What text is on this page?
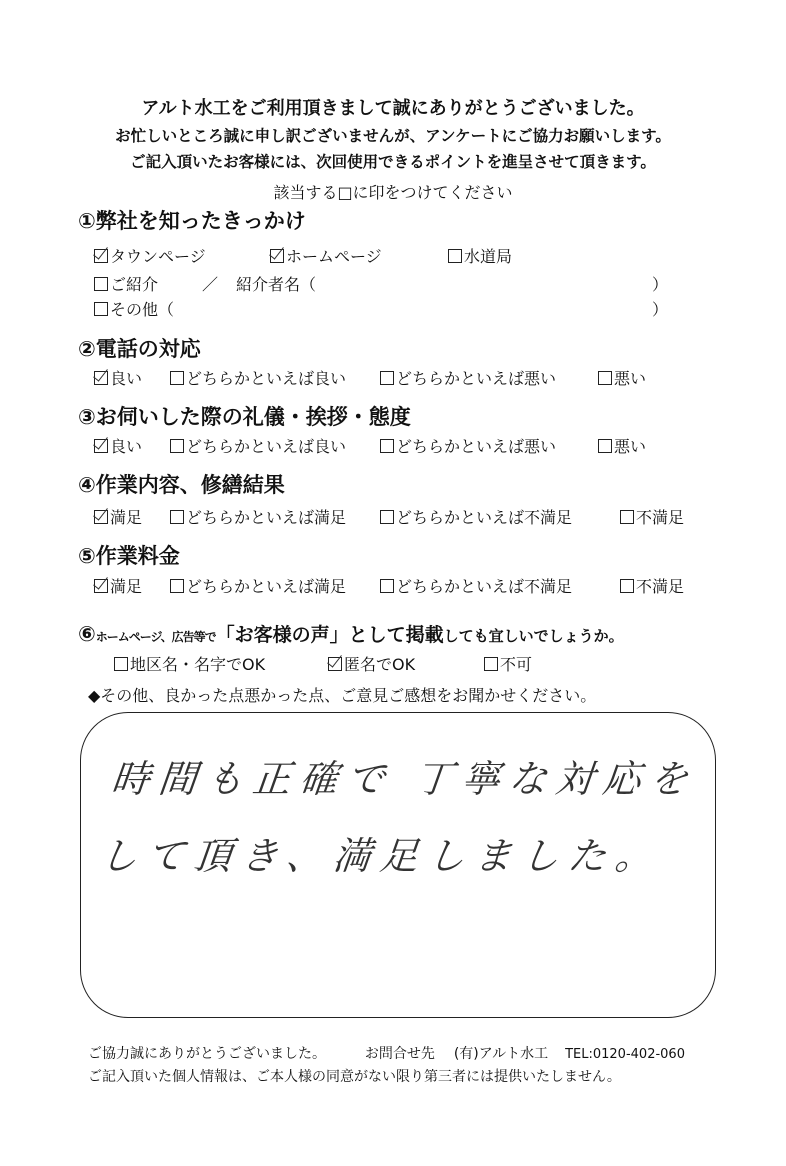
アルト水工をご利用頂きまして誠にありがとうございました。
お忙しいところ誠に申し訳ございませんが、アンケートにご協力お願いします。
ご記入頂いたお客様には、次回使用できるポイントを進呈させて頂きます。
該当する□に印をつけてください
①弊社を知ったきっかけ
タウンページ	ホームページ	水道局
ご紹介	／ 紹介者名（	）
その他（	）
②電話の対応
良い	どちらかといえば良い	どちらかといえば悪い	悪い
③お伺いした際の礼儀・挨拶・態度
良い	どちらかといえば良い	どちらかといえば悪い	悪い
④作業内容、修繕結果
満足	どちらかといえば満足	どちらかといえば不満足	不満足
⑤作業料金
満足	どちらかといえば満足	どちらかといえば不満足	不満足
⑥ホームページ、広告等で「お客様の声」として掲載しても宜しいでしょうか。
地区名・名字でOK	匿名でOK	不可
◆その他、良かった点悪かった点、ご意見ご感想をお聞かせください。
時間も正確で 丁寧な対応を
して頂き、満足しました。
ご協力誠にありがとうございました。	お問合せ先 (有)アルト水工 TEL:0120-402-060
ご記入頂いた個人情報は、ご本人様の同意がない限り第三者には提供いたしません。
